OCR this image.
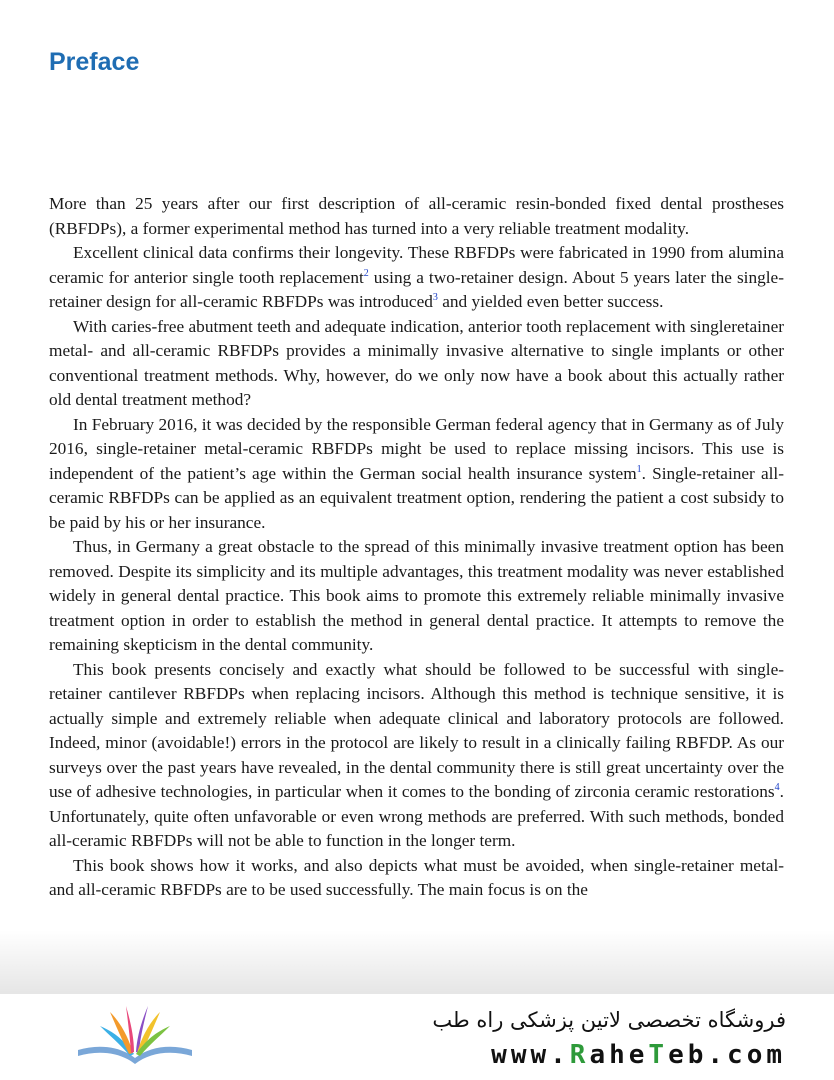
Preface

More than 25 years after our first description of all-ceramic resin-bonded fixed dental prostheses (RBFDPs), a former experimental method has turned into a very reliable treatment modality.

Excellent clinical data confirms their longevity. These RBFDPs were fabricated in 1990 from alumina ceramic for anterior single tooth replacement$^2$ using a two-retainer design. About 5 years later the single-retainer design for all-ceramic RBFDPs was introduced$^3$ and yielded even better success.

With caries-free abutment teeth and adequate indication, anterior tooth replacement with singleretainer metal- and all-ceramic RBFDPs provides a minimally invasive alternative to single implants or other conventional treatment methods. Why, however, do we only now have a book about this actually rather old dental treatment method?

In February 2016, it was decided by the responsible German federal agency that in Germany as of July 2016, single-retainer metal-ceramic RBFDPs might be used to replace missing incisors. This use is independent of the patient’s age within the German social health insurance system$^1$. Single-retainer all-ceramic RBFDPs can be applied as an equivalent treatment option, rendering the patient a cost subsidy to be paid by his or her insurance.

Thus, in Germany a great obstacle to the spread of this minimally invasive treatment option has been removed. Despite its simplicity and its multiple advantages, this treatment modality was never established widely in general dental practice. This book aims to promote this extremely reliable minimally invasive treatment option in order to establish the method in general dental practice. It attempts to remove the remaining skepticism in the dental community.

This book presents concisely and exactly what should be followed to be successful with single-retainer cantilever RBFDPs when replacing incisors. Although this method is technique sensitive, it is actually simple and extremely reliable when adequate clinical and laboratory protocols are followed. Indeed, minor (avoidable!) errors in the protocol are likely to result in a clinically failing RBFDP. As our surveys over the past years have revealed, in the dental community there is still great uncertainty over the use of adhesive technologies, in particular when it comes to the bonding of zirconia ceramic restorations$^4$. Unfortunately, quite often unfavorable or even wrong methods are preferred. With such methods, bonded all-ceramic RBFDPs will not be able to function in the longer term.

This book shows how it works, and also depicts what must be avoided, when single-retainer metal- and all-ceramic RBFDPs are to be used successfully. The main focus is on the

فروشگاه تخصصی لاتین پزشکی راه طب
www.RaheTeb.com
